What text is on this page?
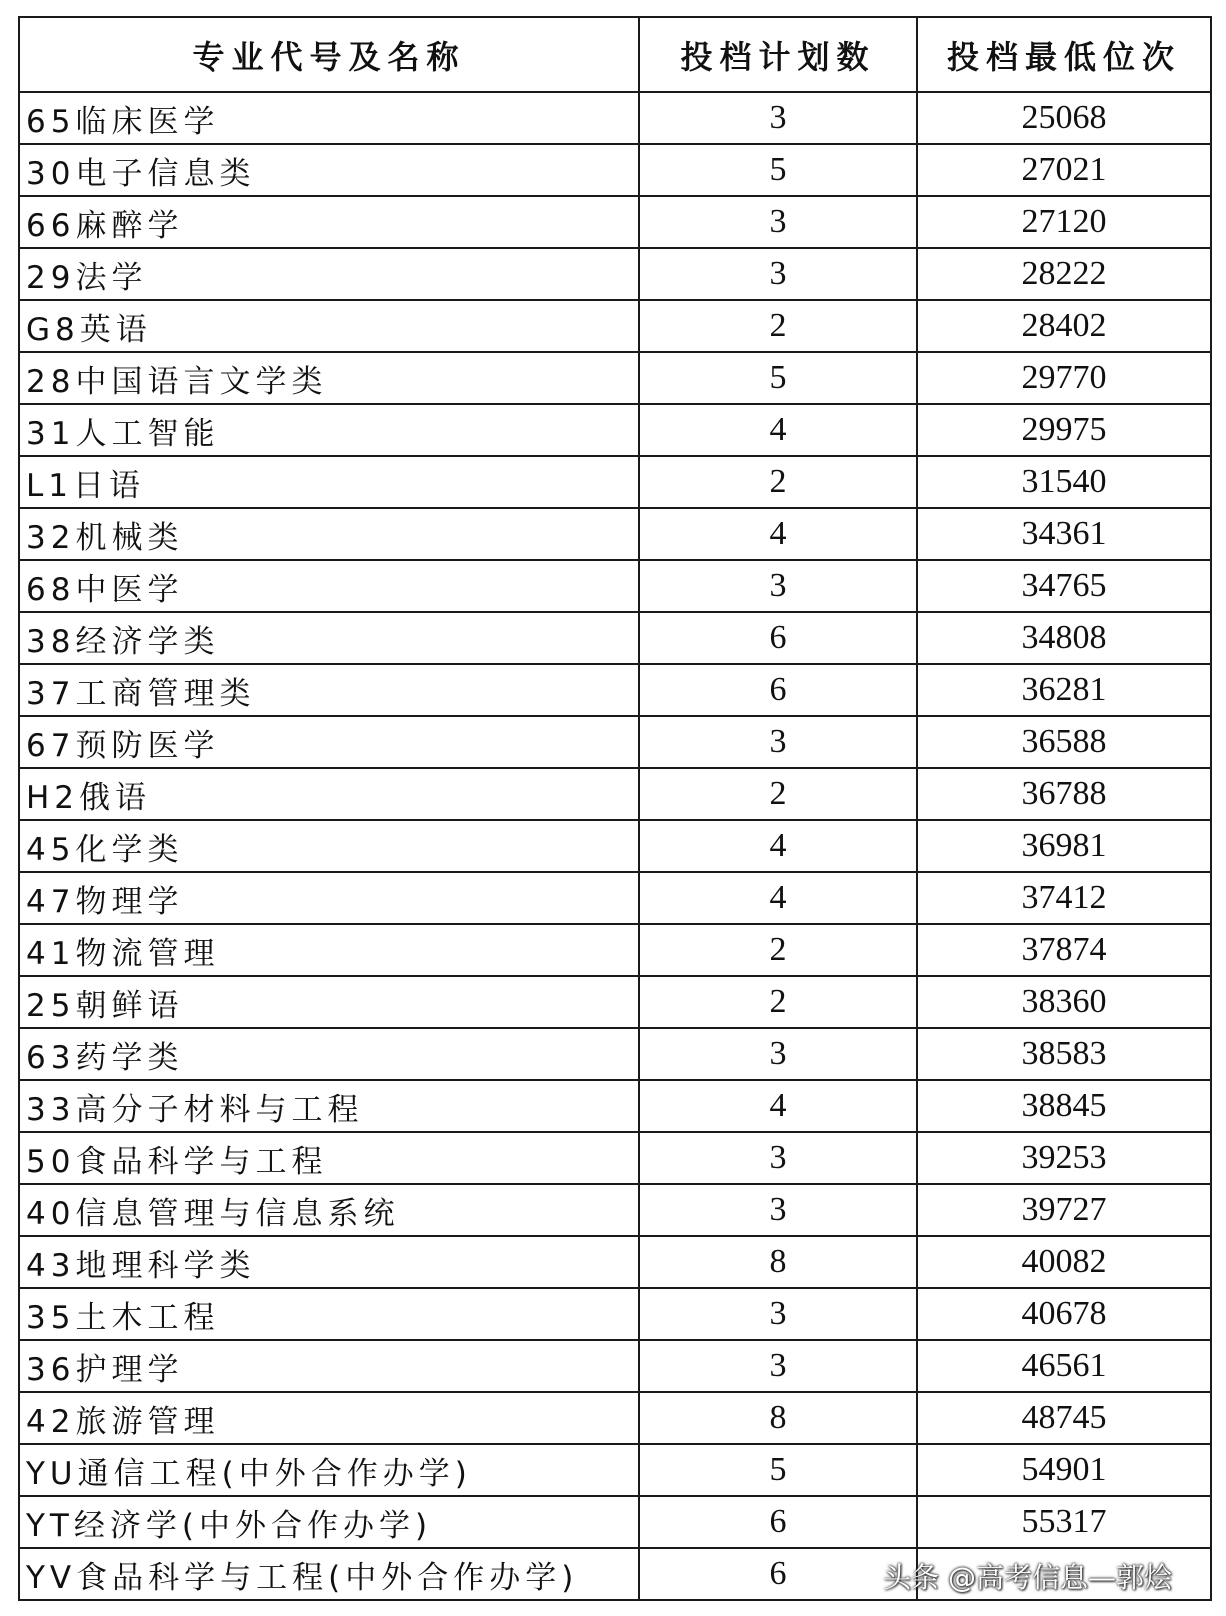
专业代号及名称	投档计划数	投档最低位次
65临床医学	3	25068
30电子信息类	5	27021
66麻醉学	3	27120
29法学	3	28222
G8英语	2	28402
28中国语言文学类	5	29770
31人工智能	4	29975
L1日语	2	31540
32机械类	4	34361
68中医学	3	34765
38经济学类	6	34808
37工商管理类	6	36281
67预防医学	3	36588
H2俄语	2	36788
45化学类	4	36981
47物理学	4	37412
41物流管理	2	37874
25朝鲜语	2	38360
63药学类	3	38583
33高分子材料与工程	4	38845
50食品科学与工程	3	39253
40信息管理与信息系统	3	39727
43地理科学类	8	40082
35土木工程	3	40678
36护理学	3	46561
42旅游管理	8	48745
YU通信工程(中外合作办学)	5	54901
YT经济学(中外合作办学)	6	55317
YV食品科学与工程(中外合作办学)	6		头条 @高考信息—郭烩
